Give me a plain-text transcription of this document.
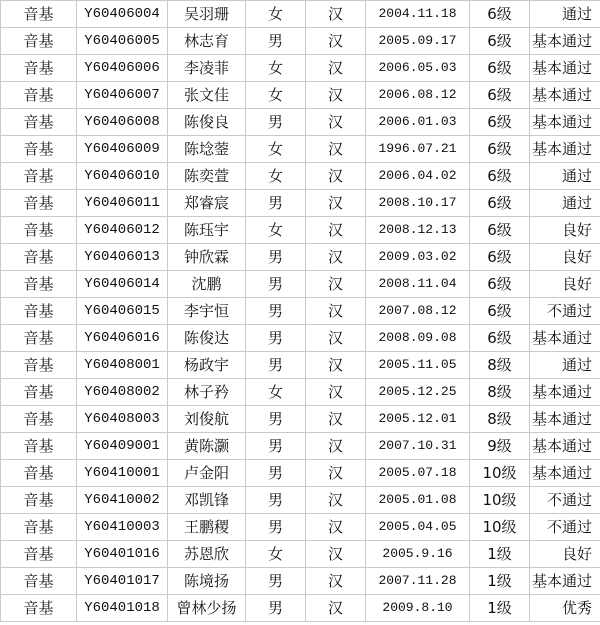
音基	Y60406004	吴羽珊	女	汉	2004.11.18	6级	通过
音基	Y60406005	林志育	男	汉	2005.09.17	6级	基本通过
音基	Y60406006	李凌菲	女	汉	2006.05.03	6级	基本通过
音基	Y60406007	张文佳	女	汉	2006.08.12	6级	基本通过
音基	Y60406008	陈俊良	男	汉	2006.01.03	6级	基本通过
音基	Y60406009	陈埝蓥	女	汉	1996.07.21	6级	基本通过
音基	Y60406010	陈奕萱	女	汉	2006.04.02	6级	通过
音基	Y60406011	郑睿宸	男	汉	2008.10.17	6级	通过
音基	Y60406012	陈珏宇	女	汉	2008.12.13	6级	良好
音基	Y60406013	钟欣霖	男	汉	2009.03.02	6级	良好
音基	Y60406014	沈鹏	男	汉	2008.11.04	6级	良好
音基	Y60406015	李宇恒	男	汉	2007.08.12	6级	不通过
音基	Y60406016	陈俊达	男	汉	2008.09.08	6级	基本通过
音基	Y60408001	杨政宇	男	汉	2005.11.05	8级	通过
音基	Y60408002	林子矜	女	汉	2005.12.25	8级	基本通过
音基	Y60408003	刘俊航	男	汉	2005.12.01	8级	基本通过
音基	Y60409001	黄陈灏	男	汉	2007.10.31	9级	基本通过
音基	Y60410001	卢金阳	男	汉	2005.07.18	10级	基本通过
音基	Y60410002	邓凯锋	男	汉	2005.01.08	10级	不通过
音基	Y60410003	王鹏稷	男	汉	2005.04.05	10级	不通过
音基	Y60401016	苏恩欣	女	汉	2005.9.16	1级	良好
音基	Y60401017	陈境扬	男	汉	2007.11.28	1级	基本通过
音基	Y60401018	曾林少扬	男	汉	2009.8.10	1级	优秀
